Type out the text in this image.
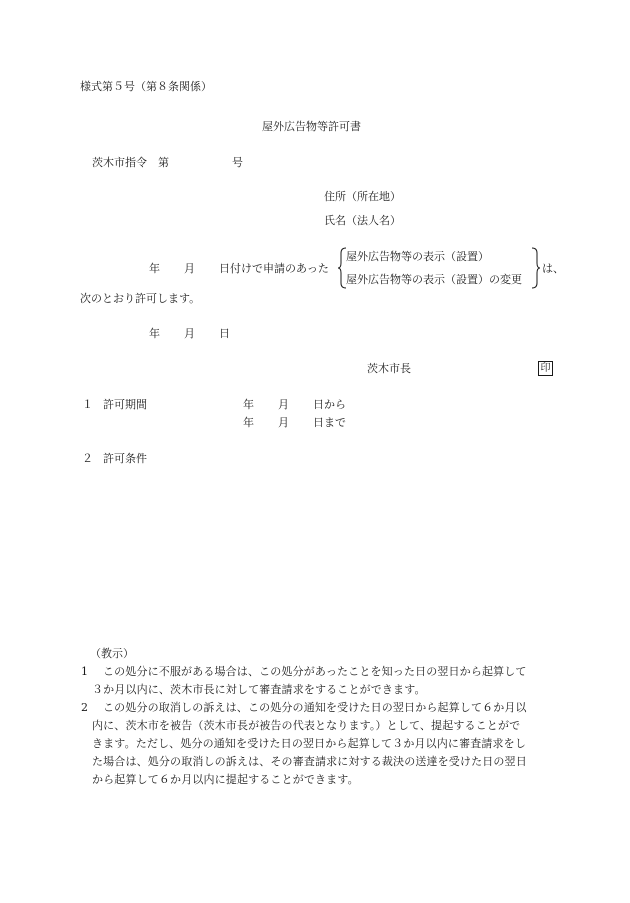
様式第５号（第８条関係）
屋外広告物等許可書
茨木市指令 第	号
住所（所在地）
氏名（法人名）
年 月 日付けで申請のあった
屋外広告物等の表示（設置）
屋外広告物等の表示（設置）の変更
は、
次のとおり許可します。
年 月 日
茨木市長	印
１ 許可期間	年 月 日から
年 月 日まで
２ 許可条件
（教示）
1 この処分に不服がある場合は、この処分があったことを知った日の翌日から起算して
３か月以内に、茨木市長に対して審査請求をすることができます。
2 この処分の取消しの訴えは、この処分の通知を受けた日の翌日から起算して６か月以
内に、茨木市を被告（茨木市長が被告の代表となります。）として、提起することがで
きます。ただし、処分の通知を受けた日の翌日から起算して３か月以内に審査請求をし
た場合は、処分の取消しの訴えは、その審査請求に対する裁決の送達を受けた日の翌日
から起算して６か月以内に提起することができます。
